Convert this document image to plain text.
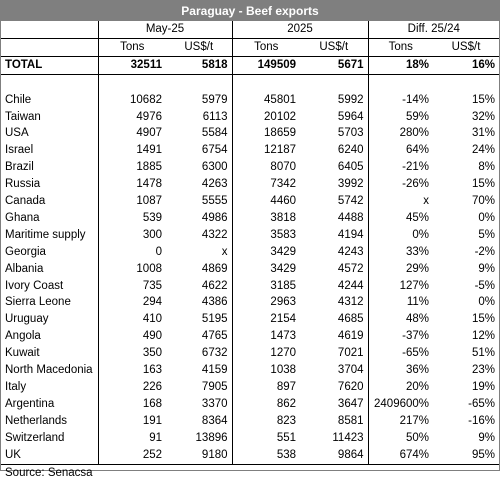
Paraguay - Beef exports
	May-25		2025		Diff. 25/24	
	Tons	US$/t	Tons	US$/t	Tons	US$/t
TOTAL	32511	5818	149509	5671	18%	16%

Chile	10682	5979	45801	5992	-14%	15%
Taiwan	4976	6113	20102	5964	59%	32%
USA	4907	5584	18659	5703	280%	31%
Israel	1491	6754	12187	6240	64%	24%
Brazil	1885	6300	8070	6405	-21%	8%
Russia	1478	4263	7342	3992	-26%	15%
Canada	1087	5555	4460	5742	x	70%
Ghana	539	4986	3818	4488	45%	0%
Maritime supply	300	4322	3583	4194	0%	5%
Georgia	0	x	3429	4243	33%	-2%
Albania	1008	4869	3429	4572	29%	9%
Ivory Coast	735	4622	3185	4244	127%	-5%
Sierra Leone	294	4386	2963	4312	11%	0%
Uruguay	410	5195	2154	4685	48%	15%
Angola	490	4765	1473	4619	-37%	12%
Kuwait	350	6732	1270	7021	-65%	51%
North Macedonia	163	4159	1038	3704	36%	23%
Italy	226	7905	897	7620	20%	19%
Argentina	168	3370	862	3647	2409600%	-65%
Netherlands	191	8364	823	8581	217%	-16%
Switzerland	91	13896	551	11423	50%	9%
UK	252	9180	538	9864	674%	95%
Source: Senacsa
